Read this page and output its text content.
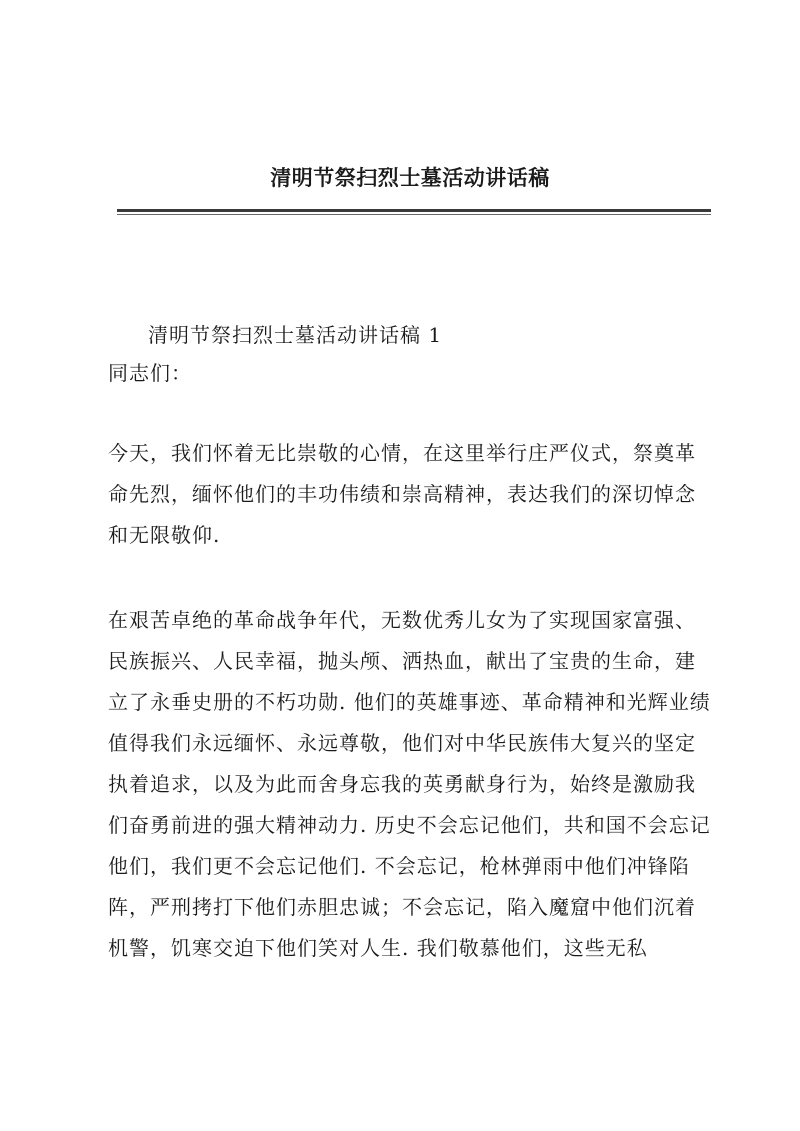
清明节祭扫烈士墓活动讲话稿

清明节祭扫烈士墓活动讲话稿 1

同志们：

今天，我们怀着无比崇敬的心情，在这里举行庄严仪式，祭奠革命先烈，缅怀他们的丰功伟绩和崇高精神，表达我们的深切悼念和无限敬仰.

在艰苦卓绝的革命战争年代，无数优秀儿女为了实现国家富强、民族振兴、人民幸福，抛头颅、洒热血，献出了宝贵的生命，建立了永垂史册的不朽功勋. 他们的英雄事迹、革命精神和光辉业绩值得我们永远缅怀、永远尊敬，他们对中华民族伟大复兴的坚定执着追求，以及为此而舍身忘我的英勇献身行为，始终是激励我们奋勇前进的强大精神动力. 历史不会忘记他们，共和国不会忘记他们，我们更不会忘记他们. 不会忘记，枪林弹雨中他们冲锋陷阵，严刑拷打下他们赤胆忠诚；不会忘记，陷入魔窟中他们沉着机警，饥寒交迫下他们笑对人生. 我们敬慕他们，这些无私
